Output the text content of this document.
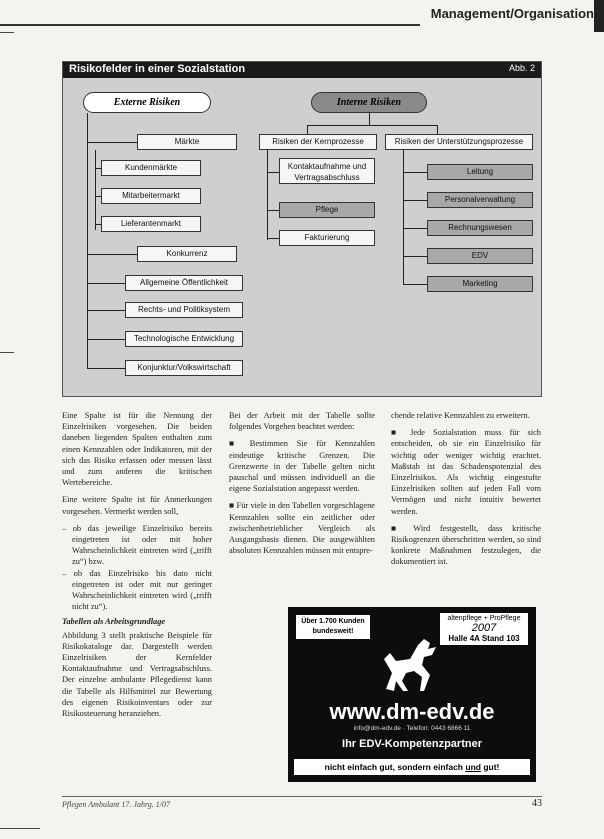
Management/Organisation
Risikofelder in einer Sozialstation	Abb. 2
Externe Risiken
Märkte
Kundenmärkte
Mitarbeitermarkt
Lieferantenmarkt
Konkurrenz
Allgemeine Öffentlichkeit
Rechts- und Politiksystem
Technologische Entwicklung
Konjunktur/Volkswirtschaft
Interne Risiken
Risiken der Kernprozesse
Kontaktaufnahme und Vertragsabschluss
Pflege
Fakturierung
Risiken der Unterstützungsprozesse
Leitung
Personalverwaltung
Rechnungswesen
EDV
Marketing

Eine Spalte ist für die Nennung der Einzelrisiken vorgesehen. Die beiden daneben liegenden Spalten enthalten zum einen Kennzahlen oder Indikatoren, mit der sich das Risiko erfassen oder messen lässt und zum anderen die kritischen Wertebereiche.

Eine weitere Spalte ist für Anmerkungen vorgesehen. Vermerkt werden soll,

– ob das jeweilige Einzelrisiko bereits eingetreten ist oder mit hoher Wahrscheinlichkeit eintreten wird („trifft zu“) bzw.
– ob das Einzelrisiko bis dato nicht eingetreten ist oder mit nur geringer Wahrscheinlichkeit eintreten wird („trifft nicht zu“).

Tabellen als Arbeitsgrundlage

Abbildung 3 stellt praktische Beispiele für Risikokataloge dar. Dargestellt werden Einzelrisiken der Kernfelder Kontaktaufnahme und Vertragsabschluss. Der einzelne ambulante Pflegedienst kann die Tabelle als Hilfsmittel zur Bewertung des eigenen Risikoinventars oder zur Risikosteuerung heranziehen.

Bei der Arbeit mit der Tabelle sollte folgendes Vorgehen beachtet werden:

■ Bestimmen Sie für Kennzahlen eindeutige kritische Grenzen. Die Grenzwerte in der Tabelle gelten nicht pauschal und müssen individuell an die eigene Sozialstation angepasst werden.

■ Für viele in den Tabellen vorgeschlagene Kennzahlen sollte ein zeitlicher oder zwischenbetrieblicher Vergleich als Ausgangsbasis dienen. Die ausgewählten absoluten Kennzahlen müssen mit entspre-

chende relative Kennzahlen zu erweitern.

■ Jede Sozialstation muss für sich entscheiden, ob sie ein Einzelrisiko für wichtig oder weniger wichtig erachtet. Maßstab ist das Schadenspotenzial des Einzelrisikos. Als wichtig eingestufte Einzelrisiken sollten auf jeden Fall vom Vermögen und nicht intuitiv bewertet werden.

■ Wird festgestellt, dass kritische Risikogrenzen überschritten werden, so sind konkrete Maßnahmen festzulegen, die dokumentiert ist.

Über 1.700 Kunden bundesweit!
altenpflege + ProPflege
2007
Halle 4A Stand 103
www.dm-edv.de
info@dm-edv.de · Telefon: 0443 6866 11
Ihr EDV-Kompetenzpartner
nicht einfach gut, sondern einfach und gut!
Pflegen Ambulant 17. Jahrg. 1/07	43
